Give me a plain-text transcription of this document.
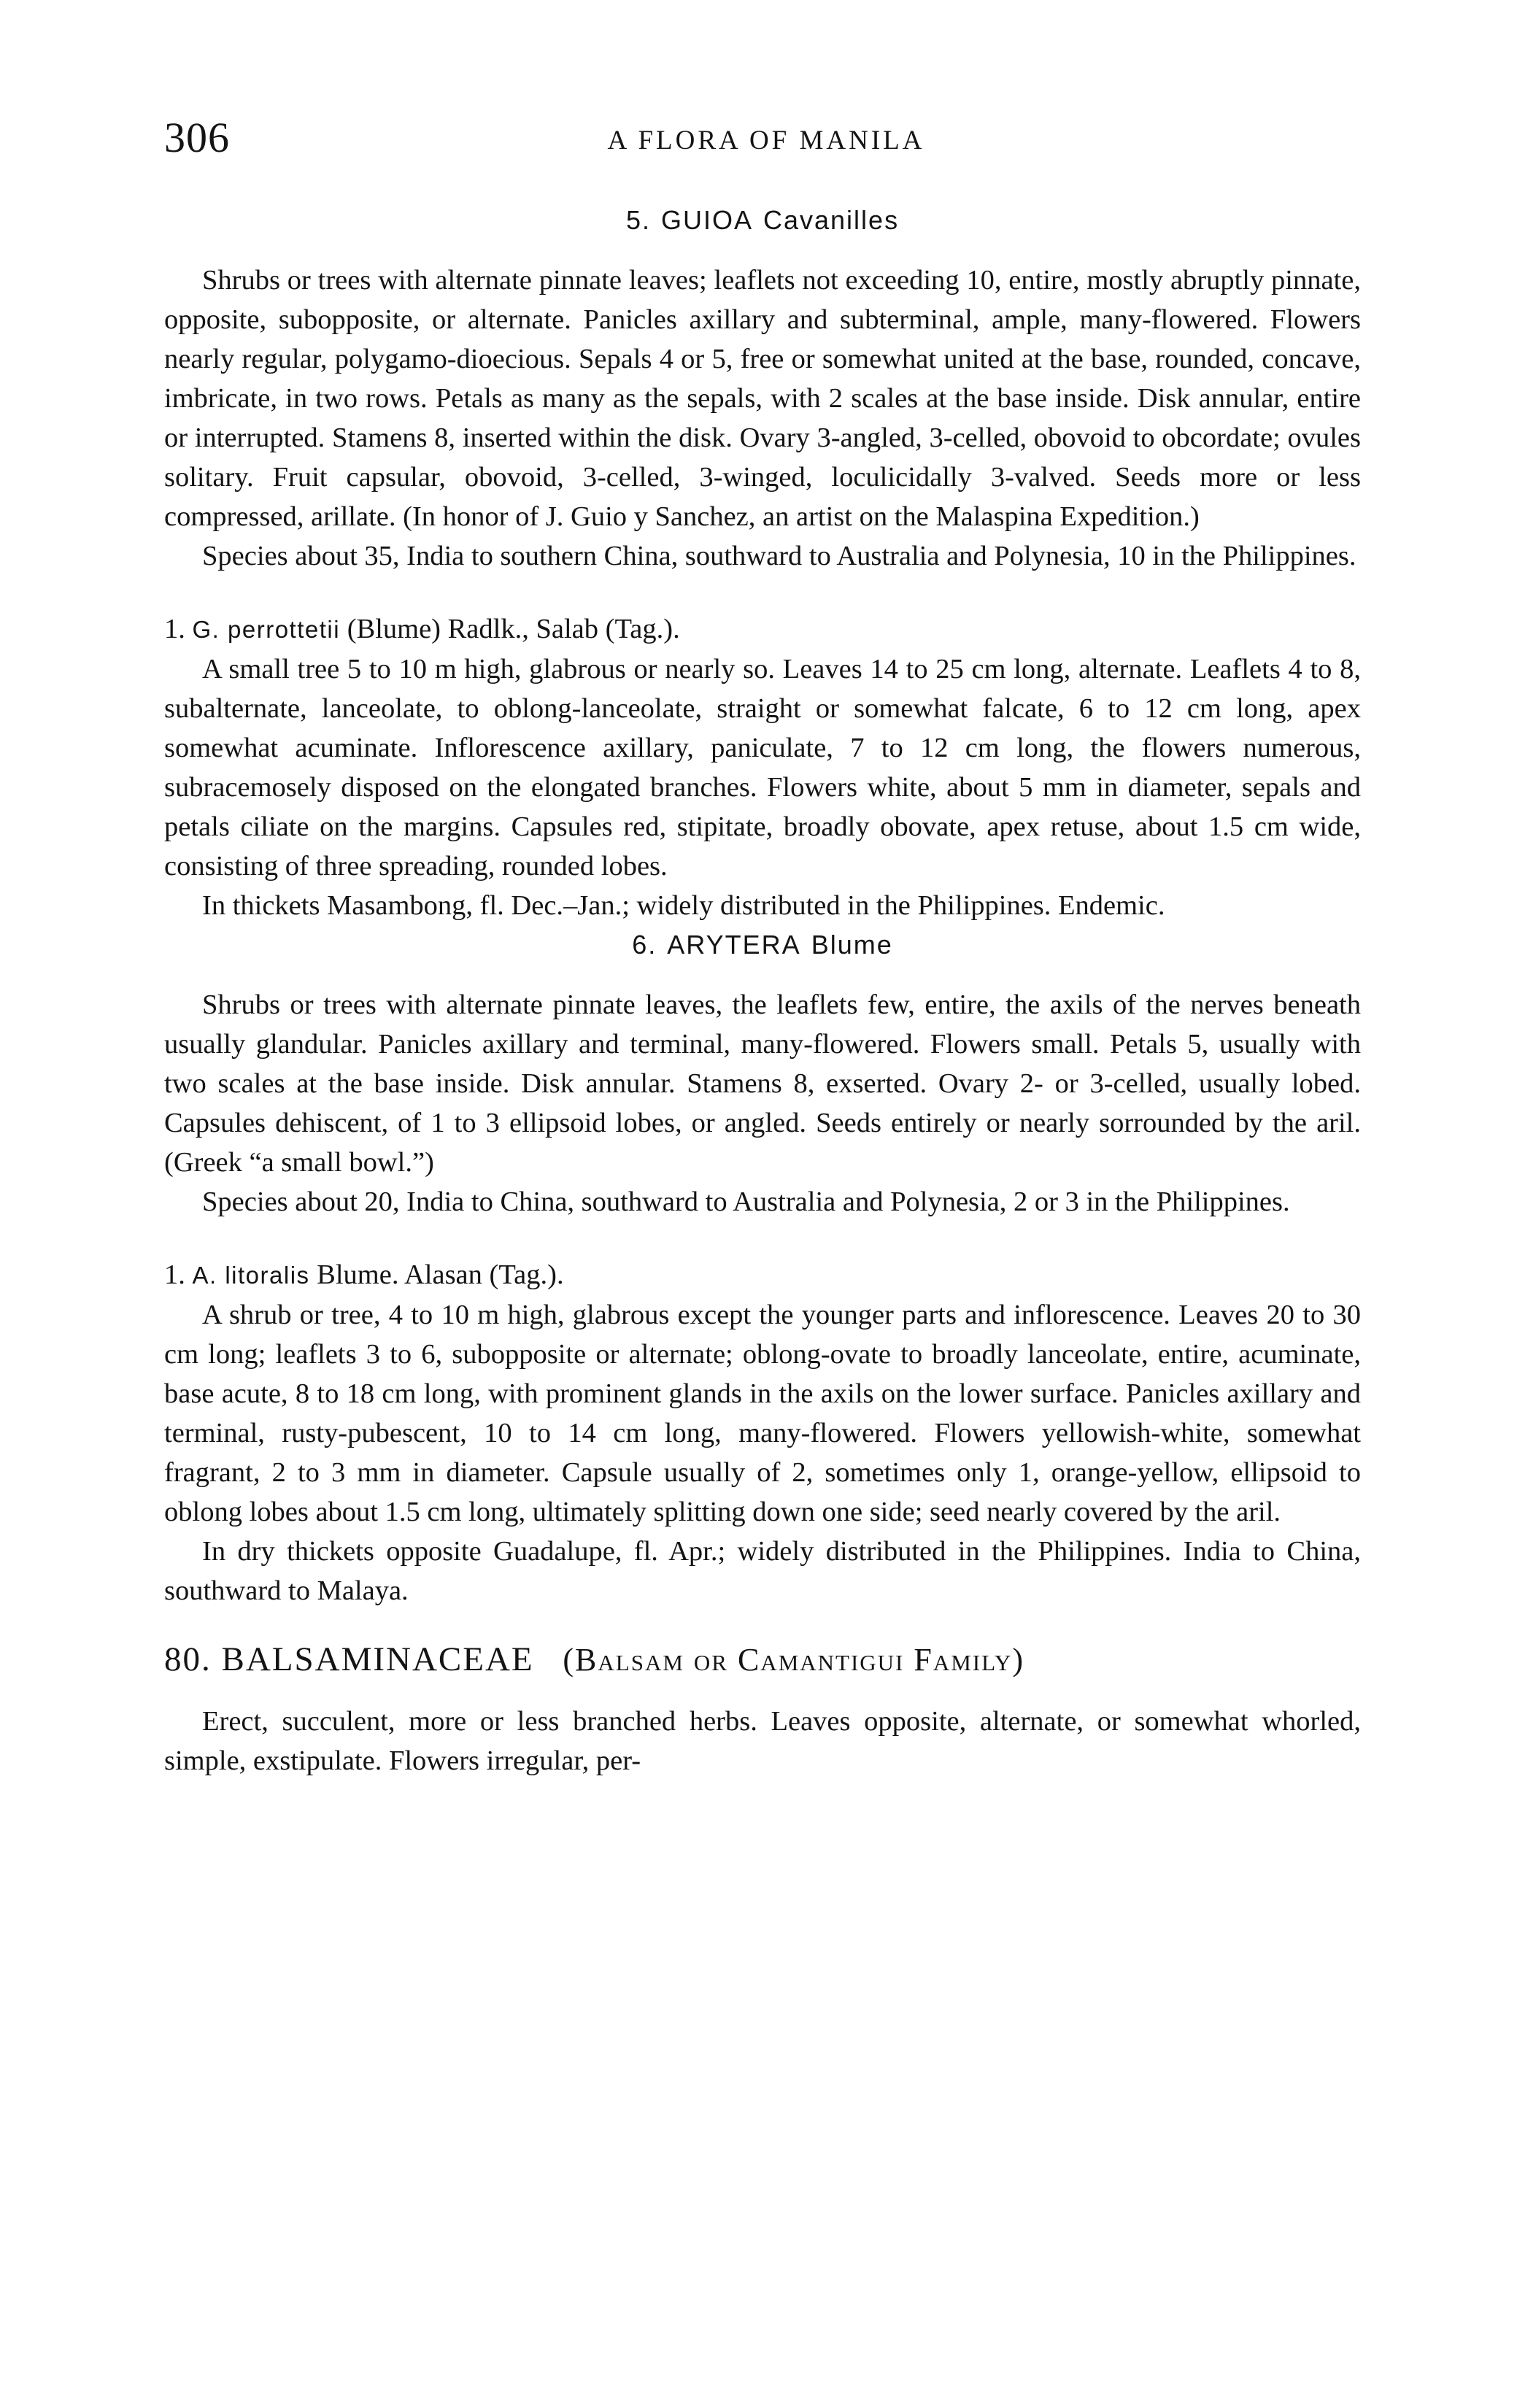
306	A FLORA OF MANILA

5. GUIOA Cavanilles

Shrubs or trees with alternate pinnate leaves; leaflets not exceeding 10, entire, mostly abruptly pinnate, opposite, subopposite, or alternate. Panicles axillary and subterminal, ample, many-flowered. Flowers nearly regular, polygamo-dioecious. Sepals 4 or 5, free or somewhat united at the base, rounded, concave, imbricate, in two rows. Petals as many as the sepals, with 2 scales at the base inside. Disk annular, entire or interrupted. Stamens 8, inserted within the disk. Ovary 3-angled, 3-celled, obovoid to obcordate; ovules solitary. Fruit capsular, obovoid, 3-celled, 3-winged, loculicidally 3-valved. Seeds more or less compressed, arillate. (In honor of J. Guio y Sanchez, an artist on the Malaspina Expedition.)

Species about 35, India to southern China, southward to Australia and Polynesia, 10 in the Philippines.

1. G. perrottetii (Blume) Radlk., Salab (Tag.).

A small tree 5 to 10 m high, glabrous or nearly so. Leaves 14 to 25 cm long, alternate. Leaflets 4 to 8, subalternate, lanceolate, to oblong-lanceolate, straight or somewhat falcate, 6 to 12 cm long, apex somewhat acuminate. Inflorescence axillary, paniculate, 7 to 12 cm long, the flowers numerous, subracemosely disposed on the elongated branches. Flowers white, about 5 mm in diameter, sepals and petals ciliate on the margins. Capsules red, stipitate, broadly obovate, apex retuse, about 1.5 cm wide, consisting of three spreading, rounded lobes.

In thickets Masambong, fl. Dec.–Jan.; widely distributed in the Philippines. Endemic.

6. ARYTERA Blume

Shrubs or trees with alternate pinnate leaves, the leaflets few, entire, the axils of the nerves beneath usually glandular. Panicles axillary and terminal, many-flowered. Flowers small. Petals 5, usually with two scales at the base inside. Disk annular. Stamens 8, exserted. Ovary 2- or 3-celled, usually lobed. Capsules dehiscent, of 1 to 3 ellipsoid lobes, or angled. Seeds entirely or nearly sorrounded by the aril. (Greek “a small bowl.”)

Species about 20, India to China, southward to Australia and Polynesia, 2 or 3 in the Philippines.

1. A. litoralis Blume. Alasan (Tag.).

A shrub or tree, 4 to 10 m high, glabrous except the younger parts and inflorescence. Leaves 20 to 30 cm long; leaflets 3 to 6, subopposite or alternate; oblong-ovate to broadly lanceolate, entire, acuminate, base acute, 8 to 18 cm long, with prominent glands in the axils on the lower surface. Panicles axillary and terminal, rusty-pubescent, 10 to 14 cm long, many-flowered. Flowers yellowish-white, somewhat fragrant, 2 to 3 mm in diameter. Capsule usually of 2, sometimes only 1, orange-yellow, ellipsoid to oblong lobes about 1.5 cm long, ultimately splitting down one side; seed nearly covered by the aril.

In dry thickets opposite Guadalupe, fl. Apr.; widely distributed in the Philippines. India to China, southward to Malaya.

80. BALSAMINACEAE (Balsam or Camantigui Family)

Erect, succulent, more or less branched herbs. Leaves opposite, alternate, or somewhat whorled, simple, exstipulate. Flowers irregular, per-
